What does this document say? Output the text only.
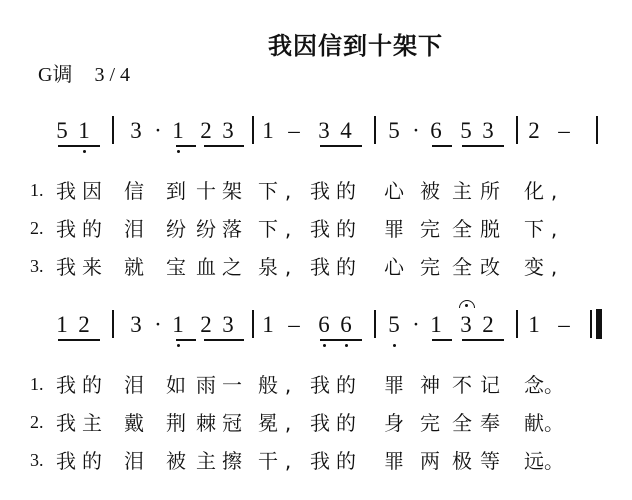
我因信到十架下
G调 3 / 4
5 1 3 · 1 2 3 1 – 3 4 5 · 6 5 3 2 –
1. 我 因 信 到 十 架 下 , 我 的 心 被 主 所 化 ,
2. 我 的 泪 纷 纷 落 下 , 我 的 罪 完 全 脱 下 ,
3. 我 来 就 宝 血 之 泉 , 我 的 心 完 全 改 变 ,
1 2 3 · 1 2 3 1 – 6 6 5 · 1 3 2 1 –
1. 我 的 泪 如 雨 一 般 , 我 的 罪 神 不 记 念 。
2. 我 主 戴 荆 棘 冠 冕 , 我 的 身 完 全 奉 献 。
3. 我 的 泪 被 主 擦 干 , 我 的 罪 两 极 等 远 。
